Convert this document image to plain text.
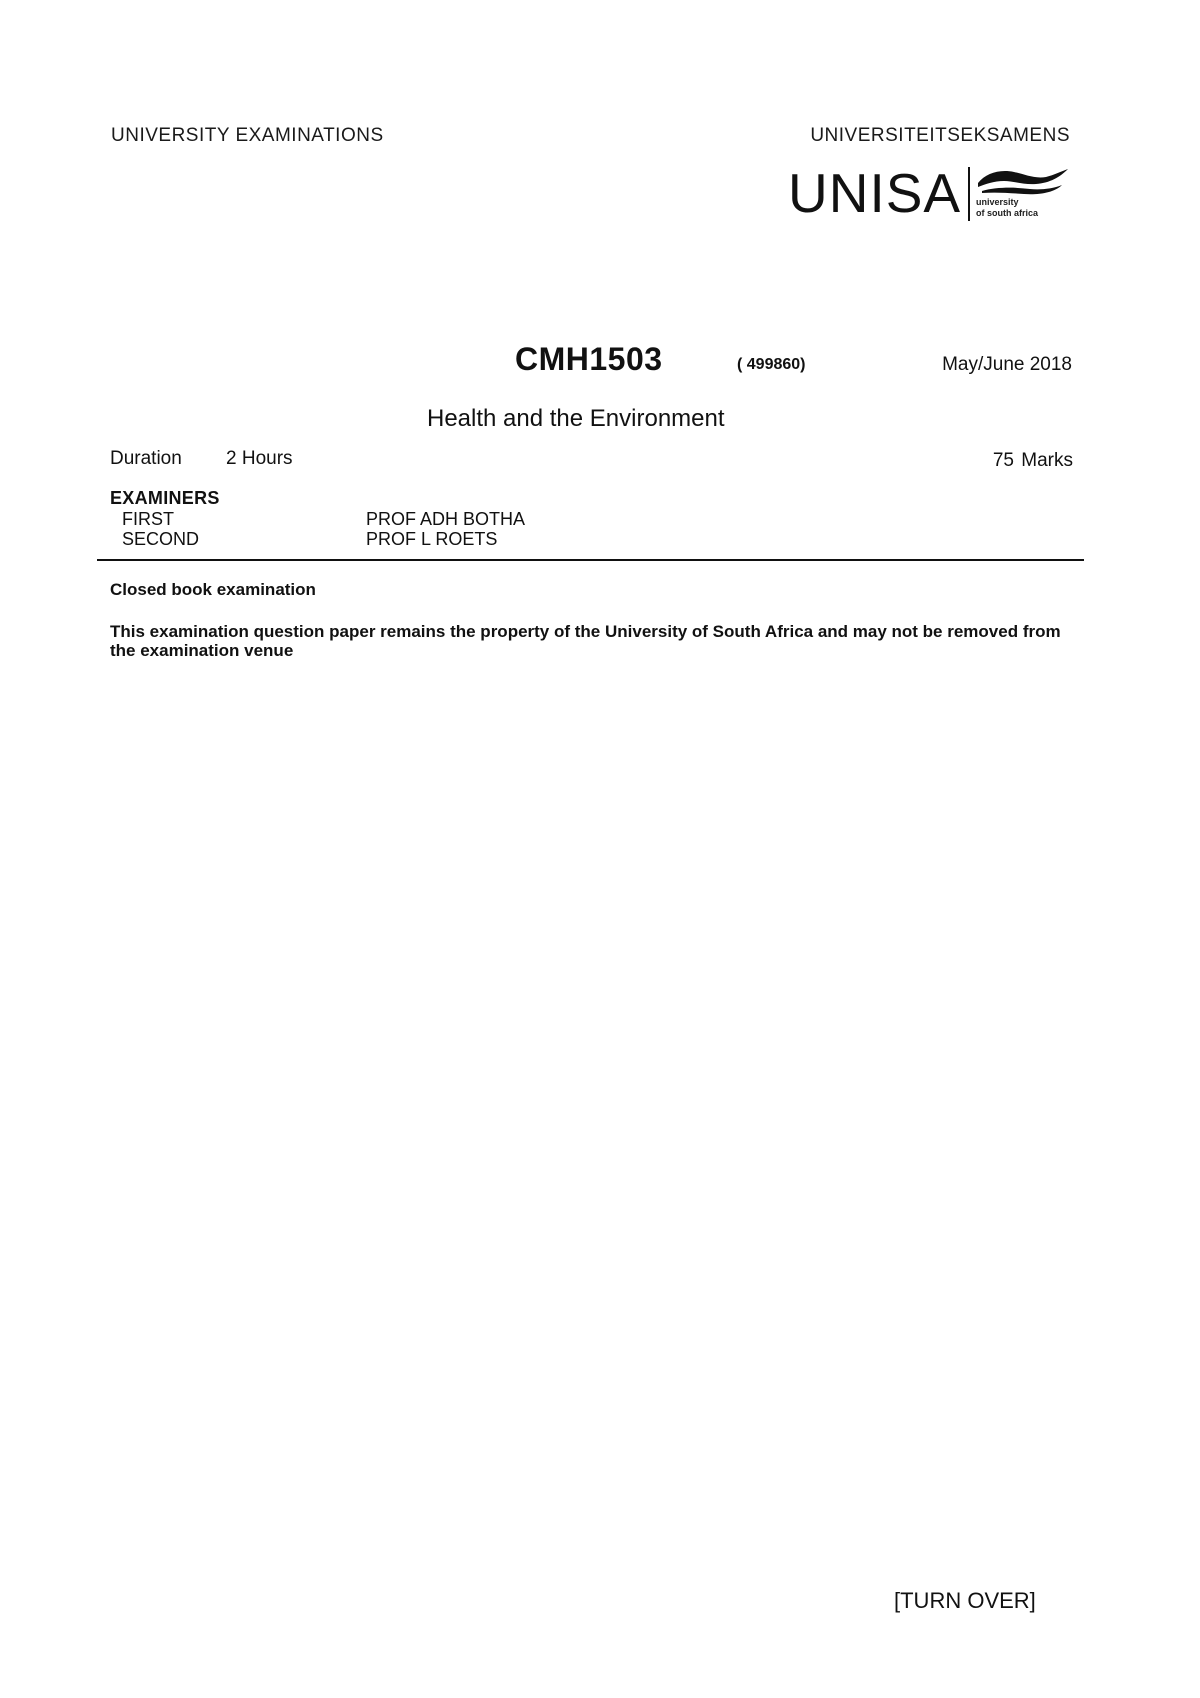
UNIVERSITY EXAMINATIONS	UNIVERSITEITSEKSAMENS
UNISA university
of south africa
CMH1503	( 499860)	May/June 2018
Health and the Environment
Duration 2 Hours	75 Marks
EXAMINERS
FIRST	PROF ADH BOTHA
SECOND	PROF L ROETS
Closed book examination
This examination question paper remains the property of the University of South Africa and may not be removed from the examination venue
[TURN OVER]
